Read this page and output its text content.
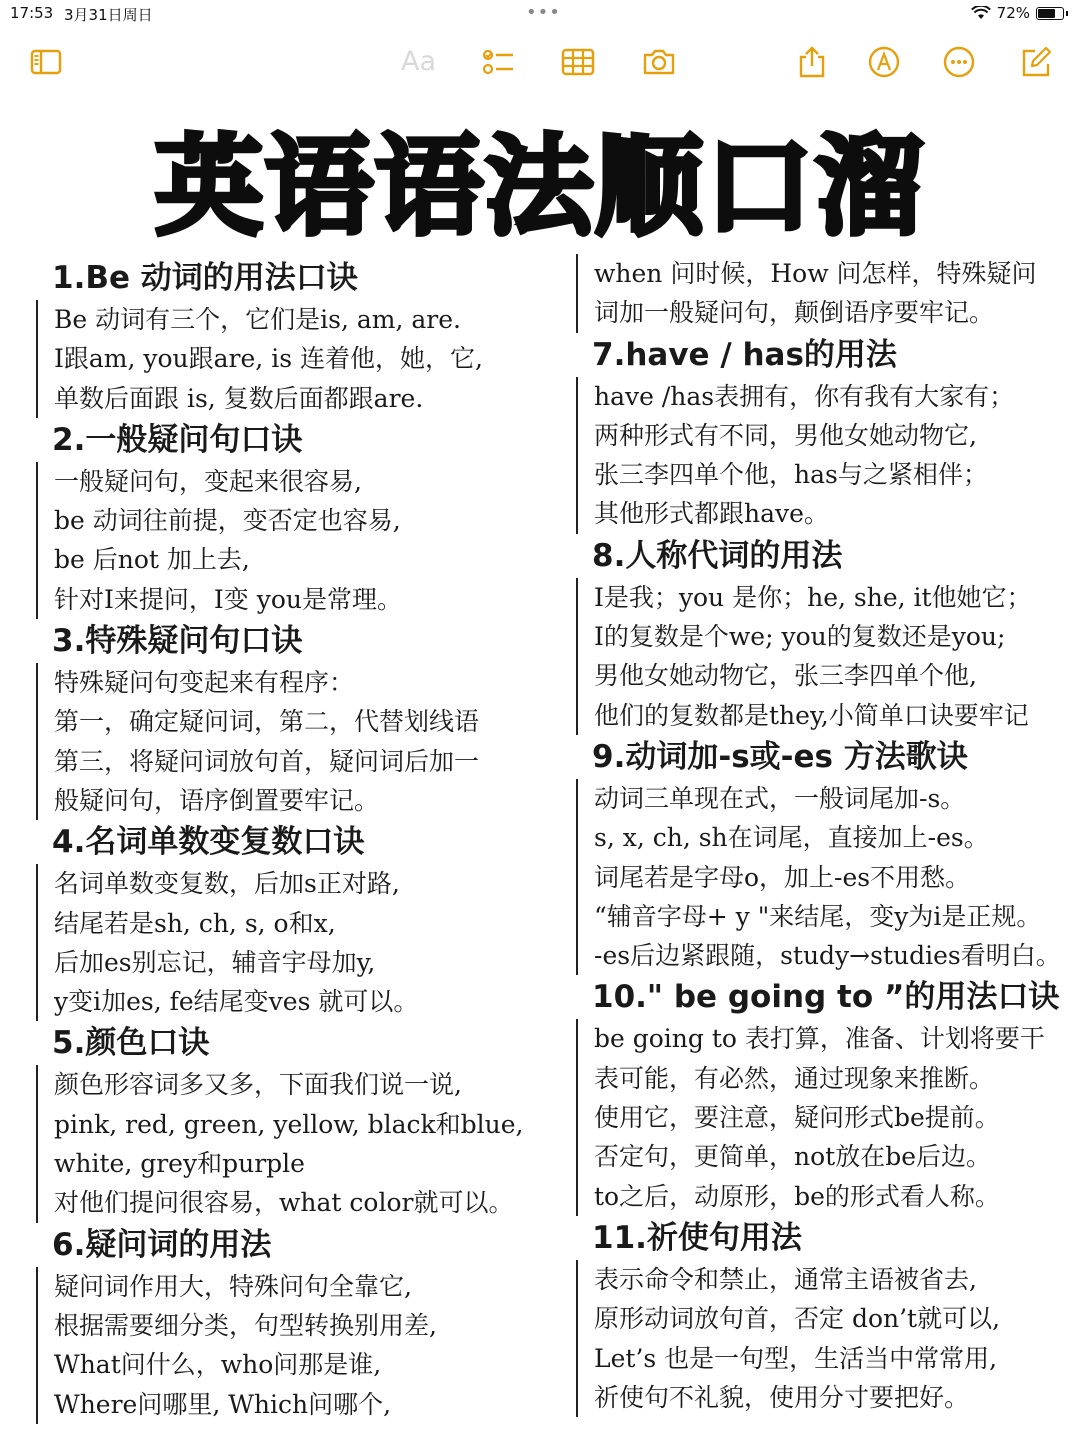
17:53 3月31日周日	•••	72%
Aa
英语语法顺口溜
1.Be 动词的用法口诀
Be 动词有三个，它们是is, am, are.
I跟am, you跟are, is 连着他，她，它,
单数后面跟 is, 复数后面都跟are.
2.一般疑问句口诀
一般疑问句，变起来很容易,
be 动词往前提，变否定也容易,
be 后not 加上去,
针对I来提问，I变 you是常理。
3.特殊疑问句口诀
特殊疑问句变起来有程序：
第一，确定疑问词，第二，代替划线语
第三，将疑问词放句首，疑问词后加一
般疑问句，语序倒置要牢记。
4.名词单数变复数口诀
名词单数变复数，后加s正对路,
结尾若是sh, ch, s, o和x,
后加es别忘记，辅音宇母加y,
y变i加es, fe结尾变ves 就可以。
5.颜色口诀
颜色形容词多又多，下面我们说一说,
pink, red, green, yellow, black和blue,
white, grey和purple
对他们提问很容易，what color就可以。
6.疑问词的用法
疑问词作用大，特殊问句全靠它,
根据需要细分类，句型转换别用差,
What问什么，who问那是谁,
Where问哪里, Which问哪个,
when 问时候，How 问怎样，特殊疑问
词加一般疑问句，颠倒语序要牢记。
7.have / has的用法
have /has表拥有，你有我有大家有；
两种形式有不同，男他女她动物它,
张三李四单个他，has与之紧相伴；
其他形式都跟have。
8.人称代词的用法
I是我；you 是你；he, she, it他她它；
I的复数是个we; you的复数还是you;
男他女她动物它，张三李四单个他,
他们的复数都是they,小简单口诀要牢记
9.动词加-s或-es 方法歌诀
动词三单现在式，一般词尾加-s。
s, x, ch, sh在词尾，直接加上-es。
词尾若是字母o，加上-es不用愁。
“辅音字母+ y "来结尾，变y为i是正规。
-es后边紧跟随，study→studies看明白。
10." be going to ”的用法口诀
be going to 表打算，准备、计划将要干
表可能，有必然，通过现象来推断。
使用它，要注意，疑问形式be提前。
否定句，更简单，not放在be后边。
to之后，动原形，be的形式看人称。
11.祈使句用法
表示命令和禁止，通常主语被省去,
原形动词放句首，否定 don’t就可以,
Let’s 也是一句型，生活当中常常用,
祈使句不礼貌，使用分寸要把好。
